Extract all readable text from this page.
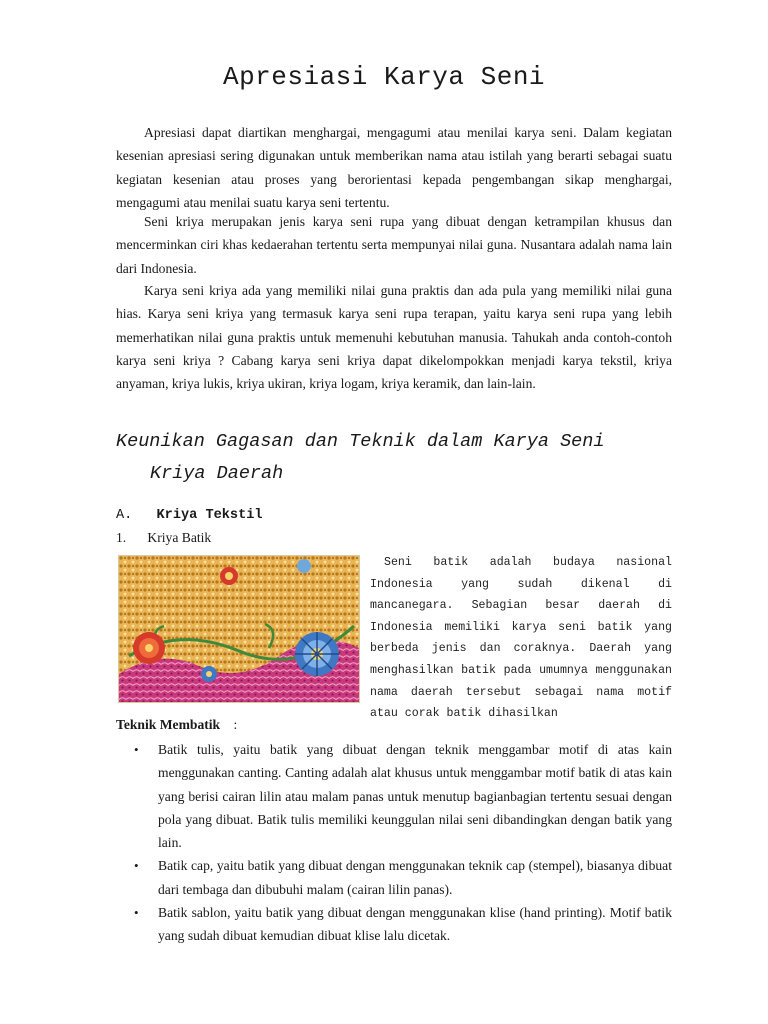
Apresiasi Karya Seni

Apresiasi dapat diartikan menghargai, mengagumi atau menilai karya seni. Dalam kegiatan kesenian apresiasi sering digunakan untuk memberikan nama atau istilah yang berarti sebagai suatu kegiatan kesenian atau proses yang berorientasi kepada pengembangan sikap menghargai, mengagumi atau menilai suatu karya seni tertentu.

Seni kriya merupakan jenis karya seni rupa yang dibuat dengan ketrampilan khusus dan mencerminkan ciri khas kedaerahan tertentu serta mempunyai nilai guna. Nusantara adalah nama lain dari Indonesia.

Karya seni kriya ada yang memiliki nilai guna praktis dan ada pula yang memiliki nilai guna hias. Karya seni kriya yang termasuk karya seni rupa terapan, yaitu karya seni rupa yang lebih memerhatikan nilai guna praktis untuk memenuhi kebutuhan manusia. Tahukah anda contoh-contoh karya seni kriya ? Cabang karya seni kriya dapat dikelompokkan menjadi karya tekstil, kriya anyaman, kriya lukis, kriya ukiran, kriya logam, kriya keramik, dan lain-lain.

Keunikan Gagasan dan Teknik dalam Karya Seni
Kriya Daerah
A. Kriya Tekstil
1. Kriya Batik

Seni batik adalah budaya nasional Indonesia yang sudah dikenal di mancanegara. Sebagian besar daerah di Indonesia memiliki karya seni batik yang berbeda jenis dan coraknya. Daerah yang menghasilkan batik pada umumnya menggunakan nama daerah tersebut sebagai nama motif atau corak batik dihasilkan

Teknik Membatik :
• Batik tulis, yaitu batik yang dibuat dengan teknik menggambar motif di atas kain menggunakan canting. Canting adalah alat khusus untuk menggambar motif batik di atas kain yang berisi cairan lilin atau malam panas untuk menutup bagianbagian tertentu sesuai dengan pola yang dibuat. Batik tulis memiliki keunggulan nilai seni dibandingkan dengan batik yang lain.
• Batik cap, yaitu batik yang dibuat dengan menggunakan teknik cap (stempel), biasanya dibuat dari tembaga dan dibubuhi malam (cairan lilin panas).
• Batik sablon, yaitu batik yang dibuat dengan menggunakan klise (hand printing). Motif batik yang sudah dibuat kemudian dibuat klise lalu dicetak.
